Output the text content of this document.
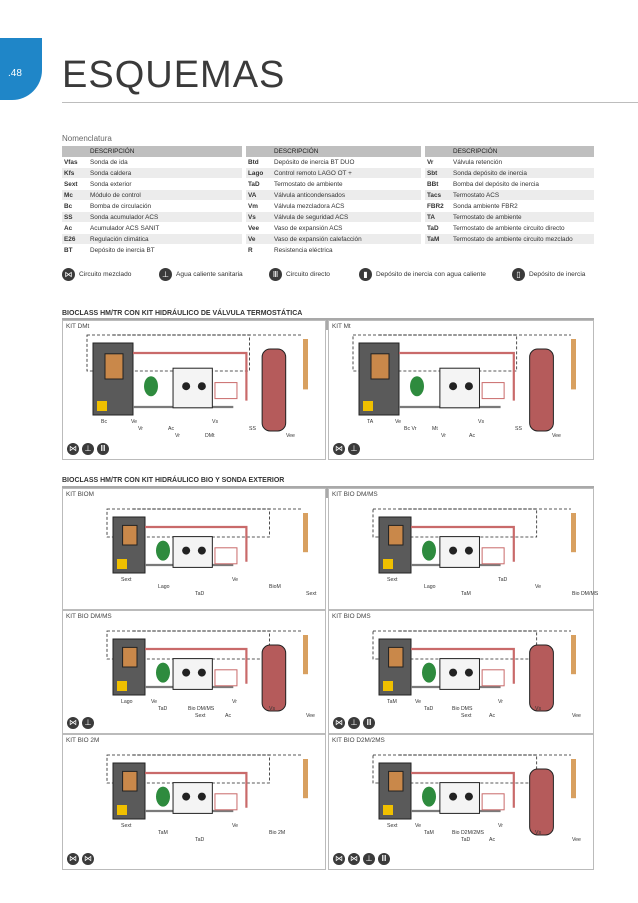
.48 ESQUEMAS
Nomenclatura
	DESCRIPCIÓN
Vfas	Sonda de ida
Kfs	Sonda caldera
Sext	Sonda exterior
Mc	Módulo de control
Bc	Bomba de circulación
SS	Sonda acumulador ACS
Ac	Acumulador ACS SANIT
E26	Regulación climática
BT	Depósito de inercia BT
	DESCRIPCIÓN
Btd	Depósito de inercia BT DUO
Lago	Control remoto LAGO OT +
TaD	Termostato de ambiente
VA	Válvula anticondensados
Vm	Válvula mezcladora ACS
Vs	Válvula de seguridad ACS
Vee	Vaso de expansión ACS
Ve	Vaso de expansión calefacción
R	Resistencia eléctrica
	DESCRIPCIÓN
Vr	Válvula retención
Sbt	Sonda depósito de inercia
BBt	Bomba del depósito de inercia
Tacs	Termostato ACS
FBR2	Sonda ambiente FBR2
TA	Termostato de ambiente
TaD	Termostato de ambiente circuito directo
TaM	Termostato de ambiente circuito mezclado
⋈ Circuito mezclado	⊥	Agua caliente sanitaria	Ⅲ	Circuito directo	▮	Depósito de inercia con agua caliente	▯	Depósito de inercia
BIOCLASS HM/TR CON KIT HIDRÁULICO DE VÁLVULA TERMOSTÁTICA
Bc
Vr
Vr
Vs
SS
Vee
Ve
Ac
DMt
KIT DMt
⋈ ⊥	Ⅲ
TA
Bc Vr
Vr
Vs
SS
Vee
Ve
Mt
Ac
KIT Mt
⋈ ⊥
BIOCLASS HM/TR CON KIT HIDRÁULICO BIO Y SONDA EXTERIOR
Sext
Lago
TaD
Ve
BioM
Sext
KIT BIOM
Sext
Lago
TaM
TaD
Ve
Bio DM/MS
KIT BIO DM/MS
Lago
TaD
Sext
Vr
Vs
Vee
Ve
Bio DM/MS
Ac
KIT BIO DM/MS
⋈ ⊥
TaM
TaD
Sext
Vr
Vs
Vee
Ve
Bio DMS
Ac
KIT BIO DMS
⋈ ⊥	Ⅲ
Sext
TaM
TaD
Ve
Bio 2M
KIT BIO 2M
⋈ ⋈
Sext
TaM
TaD
Vr
Vs
Vee
Ve
Bio D2M/2MS
Ac
KIT BIO D2M/2MS
⋈ ⋈ ⊥	Ⅲ
